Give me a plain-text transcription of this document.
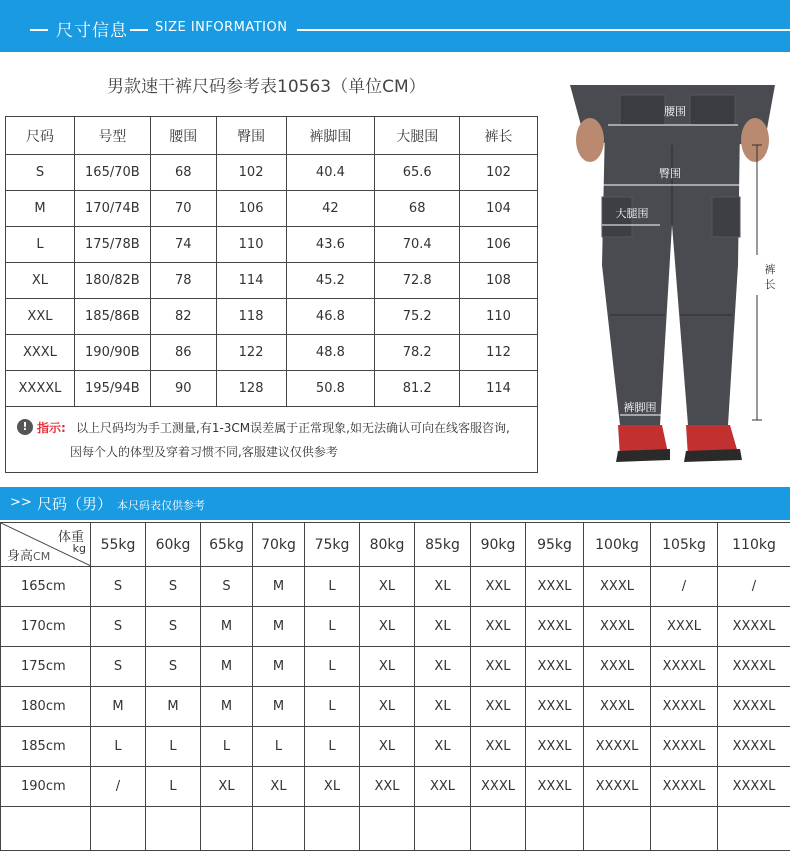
尺寸信息 SIZE INFORMATION
男款速干裤尺码参考表10563（单位CM）
尺码	号型	腰围	臀围	裤脚围	大腿围	裤长
S	165/70B	68	102	40.4	65.6	102
M	170/74B	70	106	42	68	104
L	175/78B	74	110	43.6	70.4	106
XL	180/82B	78	114	45.2	72.8	108
XXL	185/86B	82	118	46.8	75.2	110
XXXL	190/90B	86	122	48.8	78.2	112
XXXXL	195/94B	90	128	50.8	81.2	114
! 指示: 以上尺码均为手工测量,有1-3CM误差属于正常现象,如无法确认可向在线客服咨询,
因每个人的体型及穿着习惯不同,客服建议仅供参考
腰围
臀围
大腿围
裤脚围
裤
长
>> 尺码（男） 本尺码表仅供参考
体重
kg
身高CM	55kg	60kg	65kg	70kg	75kg	80kg	85kg	90kg	95kg	100kg	105kg	110kg
165cm	S	S	S	M	L	XL	XL	XXL	XXXL	XXXL	/	/
170cm	S	S	M	M	L	XL	XL	XXL	XXXL	XXXL	XXXL	XXXXL
175cm	S	S	M	M	L	XL	XL	XXL	XXXL	XXXL	XXXXL	XXXXL
180cm	M	M	M	M	L	XL	XL	XXL	XXXL	XXXL	XXXXL	XXXXL
185cm	L	L	L	L	L	XL	XL	XXL	XXXL	XXXXL	XXXXL	XXXXL
190cm	/	L	XL	XL	XL	XXL	XXL	XXXL	XXXL	XXXXL	XXXXL	XXXXL
